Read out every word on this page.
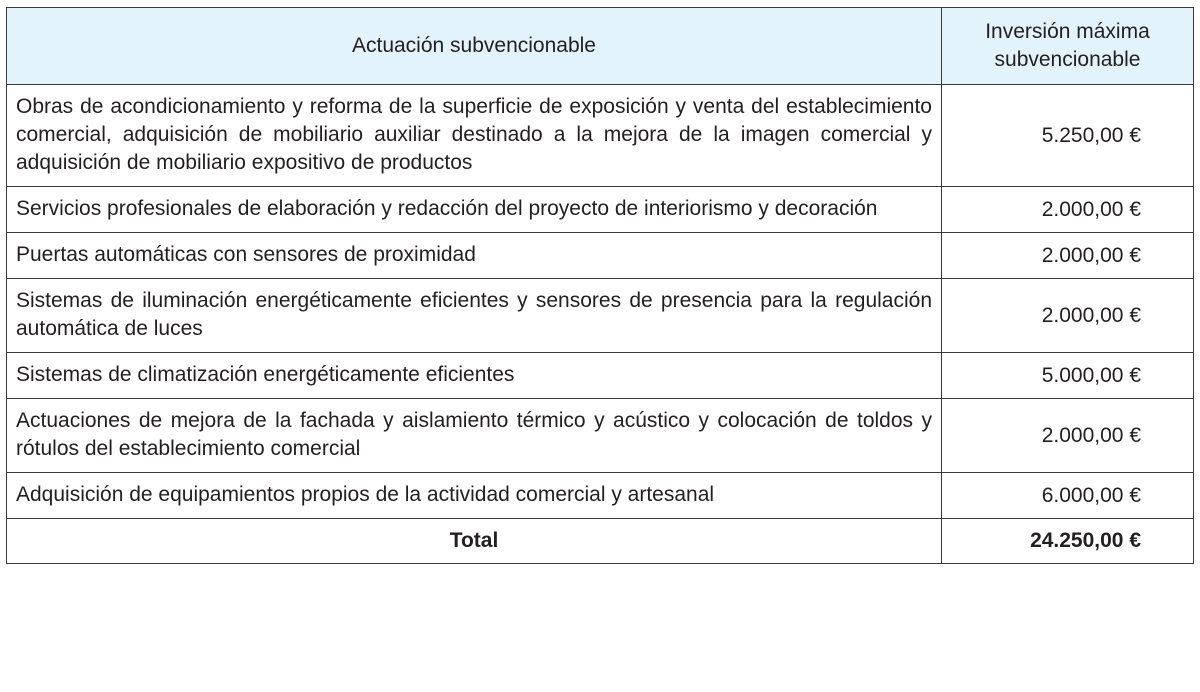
Actuación subvencionable	Inversión máxima subvencionable
Obras de acondicionamiento y reforma de la superficie de exposición y venta del establecimiento comercial, adquisición de mobiliario auxiliar destinado a la mejora de la imagen comercial y adquisición de mobiliario expositivo de productos	5.250,00 €
Servicios profesionales de elaboración y redacción del proyecto de interiorismo y decoración	2.000,00 €
Puertas automáticas con sensores de proximidad	2.000,00 €
Sistemas de iluminación energéticamente eficientes y sensores de presencia para la regulación automática de luces	2.000,00 €
Sistemas de climatización energéticamente eficientes	5.000,00 €
Actuaciones de mejora de la fachada y aislamiento térmico y acústico y colocación de toldos y rótulos del establecimiento comercial	2.000,00 €
Adquisición de equipamientos propios de la actividad comercial y artesanal	6.000,00 €
Total	24.250,00 €
